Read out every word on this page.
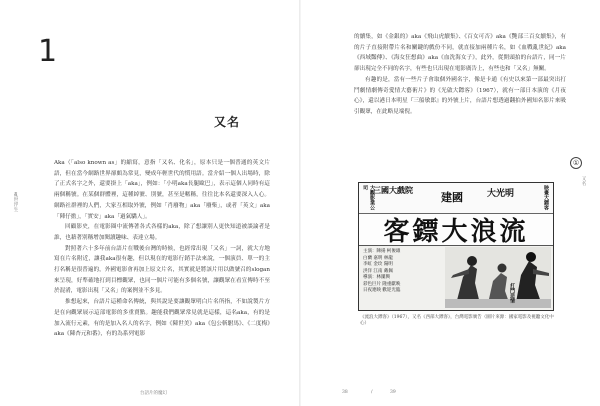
1
又名
亂世浮生

Aka（「also known as」的縮寫，意指「又名、化名」，原本只是一個普通的英文片語，但在當今網路世界卻頗為常見，變成年輕世代的慣用語。當介紹一個人出場時，除了正式名字之外，還要掛上「aka」，例如：「小明aka長腿歐巴」，表示這個人同時有這兩個稱號。在某個群體裡，這種綽號、別號，甚至是暱稱，往往比本名還要深入人心。網路社群裡的人們，大家互相取外號，例如「肖廢物」aka「廢柴」，或者「英文」aka「陣仔擔」，「實安」aka「過氣驕人」。

回顧影史，在電影圈中流傳著各式各樣的aka，除了想讓別人更快知道被談論者是誰，也藉著別稱增加閱讀趣味、表達立場。

對照著六十多年前台語片在戰後台灣的時候，也經常出現「又名」一詞，就大方地寫在片名附近，讓我aka很有趣，但以現在的電影行銷手法來說，一個演員、單一的主打名稱是很普遍的，外國電影會再加上原文片名，其實就是將該片用以做號召的slogan來呈現，好準確地打到目標觀眾，也同一個片可能有多個名號，讓觀眾在看宣傳時不至於混淆，電影出現「又名」的案例並不多見。

推想起來，台語片這種命名傳統，與其說是要讓觀眾明白片名所指，不如說製片方是在向觀眾展示這部電影的多重賣點。趣能我們觀眾常見就是這樣，這名aka，有的是加入流行元素，有的是加入名人的名字，例如《陳世美》aka《包公斬駙馬》、《二度梅》aka《陳杏元和番》，有的為系列電影

台語片的魔幻

的續集，如《金銀的》aka《飛山虎續集》、《百女可否》aka《艷部三百女續集》，有的片子直接附帶片名和關鍵的戲份不同，就直接加兩種片名，如《血戰亂世紀》aka《西域豔傳》、《海女狂想曲》aka《血洗海女子》，此外，從開頭拍的台語片，同一片卻出現完全不同的名字，有些也只出現在電影廣告上，有些也和「又名」無關。

有趣的是，當有一些片子會取個外國名字，像是卡通《有史以來第一部最突出打鬥劇情劇傳奇愛情大藝術片》的《光啟大鏢客》（1967），就有一部日本演的《月夜心》，還以港日本明星『三船敏郎』的外號上片，台語片想透過翻拍外國知名影片來吸引觀眾，在此略見端倪。

又名
①
大觀影業公司 三國大戲院
建國	大光明	映畫大鏢客
客鏢大浪流
主演：陳揚 柯俊雄
白蘭 嘉明 林龍
李虹 金玫 陽明
洪洋 江南 戴佩
導演：林團興
彩色巨片 隆重獻映
日夜連映 歡迎光臨	打鬥悲情
《流浪大鏢客》（1967），又名《西部大鏢客》，台灣電影廣告（圖片來源：國家電影及視聽文化中心）
38	/	39
